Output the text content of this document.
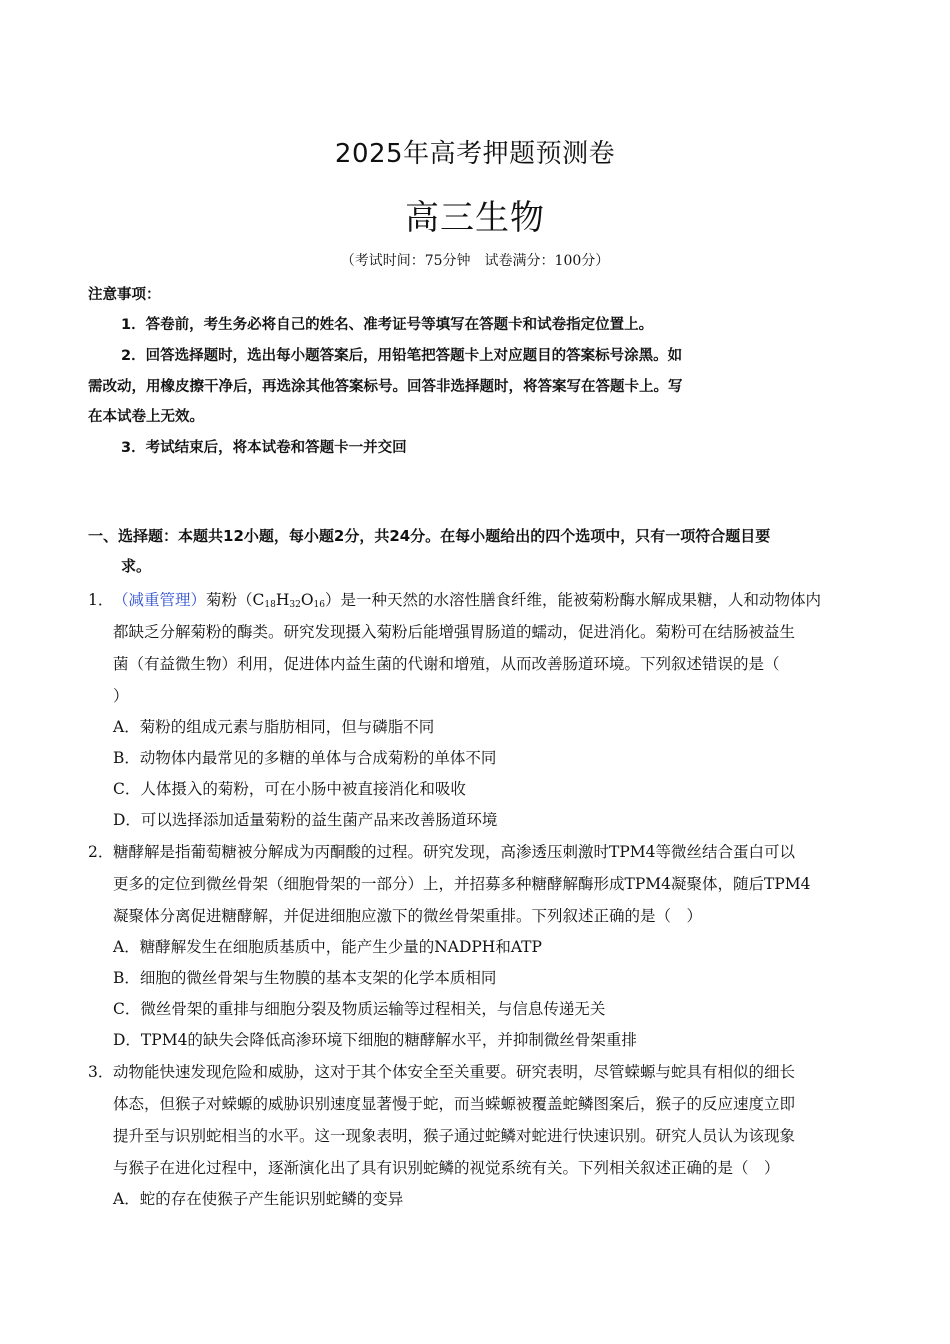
2025年高考押题预测卷
高三生物
（考试时间：75分钟　试卷满分：100分）
注意事项：
1．答卷前，考生务必将自己的姓名、准考证号等填写在答题卡和试卷指定位置上。
2．回答选择题时，选出每小题答案后，用铅笔把答题卡上对应题目的答案标号涂黑。如
需改动，用橡皮擦干净后，再选涂其他答案标号。回答非选择题时，将答案写在答题卡上。写
在本试卷上无效。
3．考试结束后，将本试卷和答题卡一并交回
一、选择题：本题共12小题，每小题2分，共24分。在每小题给出的四个选项中，只有一项符合题目要
求。
1． （减重管理）菊粉$(C_{18}H_{32}O_{16})$是一种天然的水溶性膳食纤维，能被菊粉酶水解成果糖，人和动物体内
都缺乏分解菊粉的酶类。研究发现摄入菊粉后能增强胃肠道的蠕动，促进消化。菊粉可在结肠被益生
菌（有益微生物）利用，促进体内益生菌的代谢和增殖，从而改善肠道环境。下列叙述错误的是（
）
A．菊粉的组成元素与脂肪相同，但与磷脂不同
B．动物体内最常见的多糖的单体与合成菊粉的单体不同
C．人体摄入的菊粉，可在小肠中被直接消化和吸收
D．可以选择添加适量菊粉的益生菌产品来改善肠道环境
2． 糖酵解是指葡萄糖被分解成为丙酮酸的过程。研究发现，高渗透压刺激时TPM4等微丝结合蛋白可以
更多的定位到微丝骨架（细胞骨架的一部分）上，并招募多种糖酵解酶形成TPM4凝聚体，随后TPM4
凝聚体分离促进糖酵解，并促进细胞应激下的微丝骨架重排。下列叙述正确的是（　）
A．糖酵解发生在细胞质基质中，能产生少量的NADPH和ATP
B．细胞的微丝骨架与生物膜的基本支架的化学本质相同
C．微丝骨架的重排与细胞分裂及物质运输等过程相关，与信息传递无关
D．TPM4的缺失会降低高渗环境下细胞的糖酵解水平，并抑制微丝骨架重排
3． 动物能快速发现危险和威胁，这对于其个体安全至关重要。研究表明，尽管蝾螈与蛇具有相似的细长
体态，但猴子对蝾螈的威胁识别速度显著慢于蛇，而当蝾螈被覆盖蛇鳞图案后，猴子的反应速度立即
提升至与识别蛇相当的水平。这一现象表明，猴子通过蛇鳞对蛇进行快速识别。研究人员认为该现象
与猴子在进化过程中，逐渐演化出了具有识别蛇鳞的视觉系统有关。下列相关叙述正确的是（　）
A．蛇的存在使猴子产生能识别蛇鳞的变异
